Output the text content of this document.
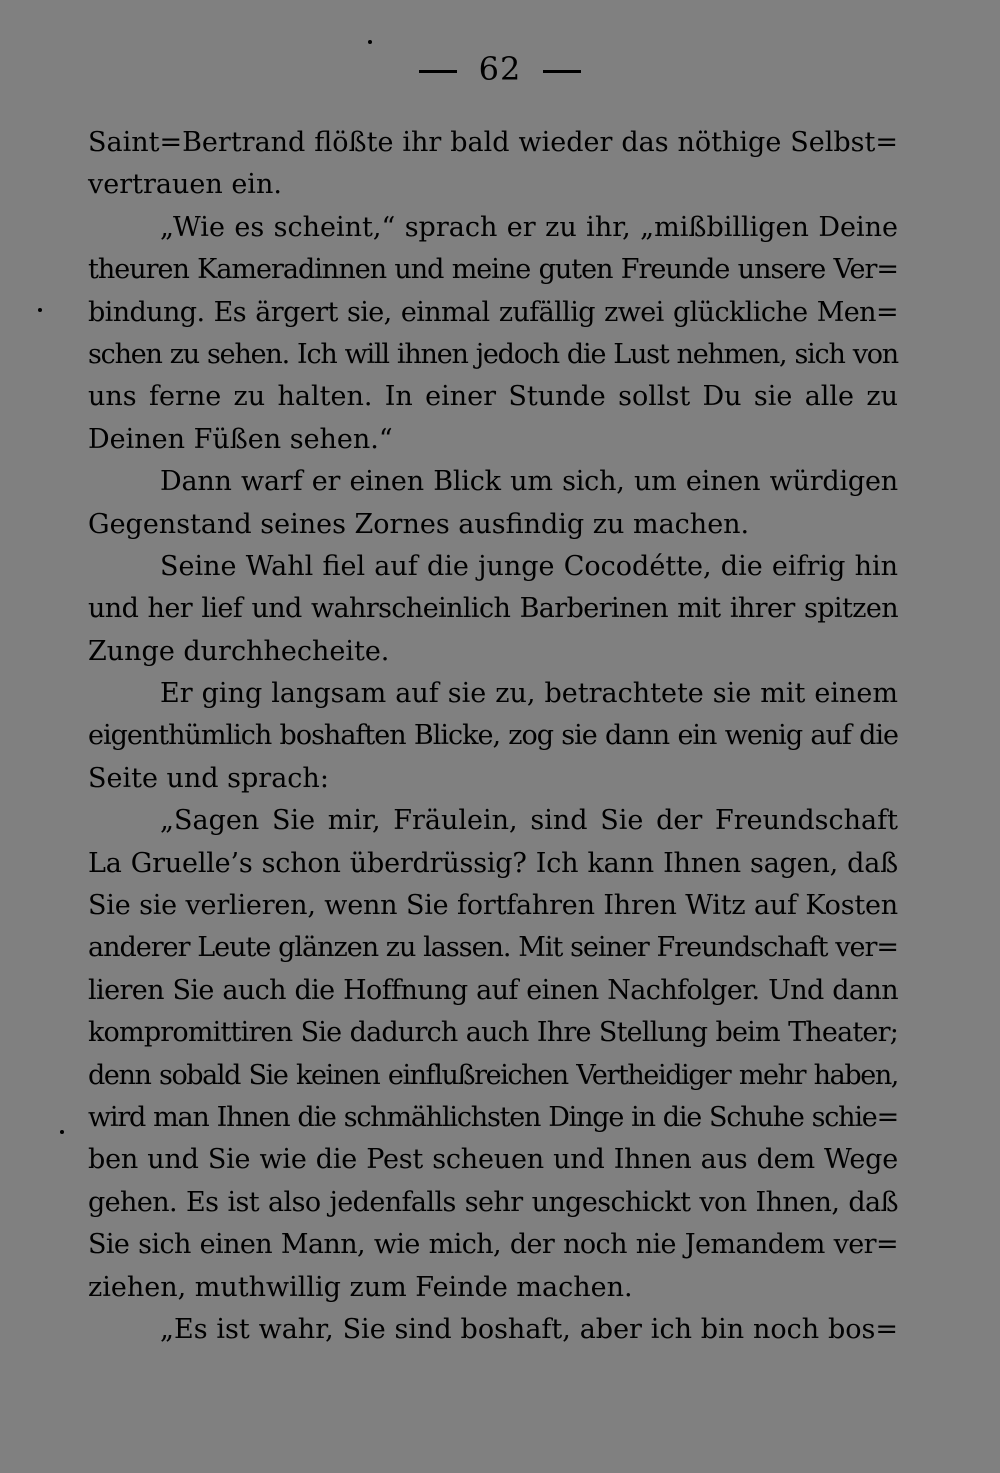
62
Saint=Bertrand flößte ihr bald wieder das nöthige Selbst=
vertrauen ein.
„Wie es scheint,“ sprach er zu ihr, „mißbilligen Deine
theuren Kameradinnen und meine guten Freunde unsere Ver=
bindung. Es ärgert sie, einmal zufällig zwei glückliche Men=
schen zu sehen. Ich will ihnen jedoch die Lust nehmen, sich von
uns ferne zu halten. In einer Stunde sollst Du sie alle zu
Deinen Füßen sehen.“
Dann warf er einen Blick um sich, um einen würdigen
Gegenstand seines Zornes ausfindig zu machen.
Seine Wahl fiel auf die junge Cocodétte, die eifrig hin
und her lief und wahrscheinlich Barberinen mit ihrer spitzen
Zunge durchhecheite.
Er ging langsam auf sie zu, betrachtete sie mit einem
eigenthümlich boshaften Blicke, zog sie dann ein wenig auf die
Seite und sprach:
„Sagen Sie mir, Fräulein, sind Sie der Freundschaft
La Gruelle’s schon überdrüssig? Ich kann Ihnen sagen, daß
Sie sie verlieren, wenn Sie fortfahren Ihren Witz auf Kosten
anderer Leute glänzen zu lassen. Mit seiner Freundschaft ver=
lieren Sie auch die Hoffnung auf einen Nachfolger. Und dann
kompromittiren Sie dadurch auch Ihre Stellung beim Theater;
denn sobald Sie keinen einflußreichen Vertheidiger mehr haben,
wird man Ihnen die schmählichsten Dinge in die Schuhe schie=
ben und Sie wie die Pest scheuen und Ihnen aus dem Wege
gehen. Es ist also jedenfalls sehr ungeschickt von Ihnen, daß
Sie sich einen Mann, wie mich, der noch nie Jemandem ver=
ziehen, muthwillig zum Feinde machen.
„Es ist wahr, Sie sind boshaft, aber ich bin noch bos=
